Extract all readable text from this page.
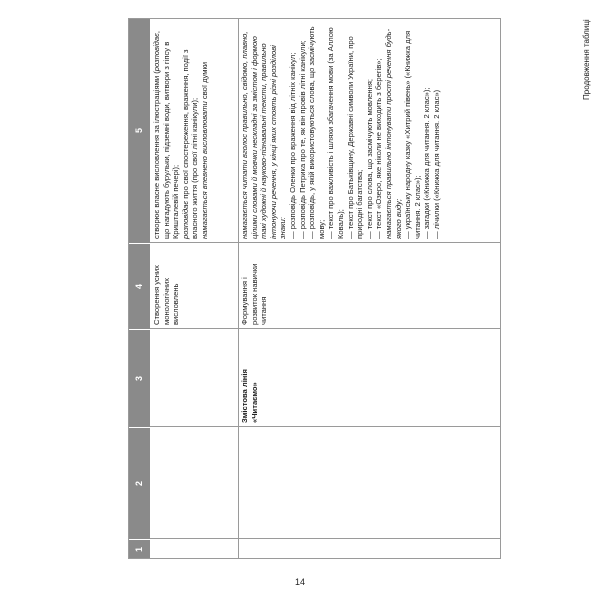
Продовження таблиці
1
2
3
4
5

Створення усних монологічних висловлень

створює власне висловлення за ілюстраціями (розповідає, що нагадують бурульки, підземні води, витвори з гіпсу в Кришталевій печері); розповідає про свої спостереження, враження, події з власного життя (про свої літні канікули); намагається впевнено висловлювати свої думки

Змістова лінія «Читаємо»

Формування і розвиток навички читання

намагається читати вголос правильно, свідомо, плавно, цілими словами й мовчки нескладні за змістом і формою такі художні й науково-пізнавальні тексти, правильно інтонуючи речення, у кінці яких стоять різні розділові знаки: — розповідь Оленки про враження від літніх канікул; — розповідь Петрика про те, як він провів літні канікули; — розповідь, у якій використовуються слова, що засмічують мову; — текст про важливість і шляхи збагачення мови (за Аллою Коваль); — текст про Батьківщину, Державні символи України, про природні багатства; — текст про слова, що засмічують мовлення; — текст «Озеро, яке ніколи не виходить з берегів»; намагається правильно інтонувати прості речення будь-якого виду; — українську народну казку «Хитрий півень» («Книжка для читання. 2 клас»); — загадки («Книжка для читання. 2 клас»); — лічилки («Книжка для читання. 2 клас»)

14
